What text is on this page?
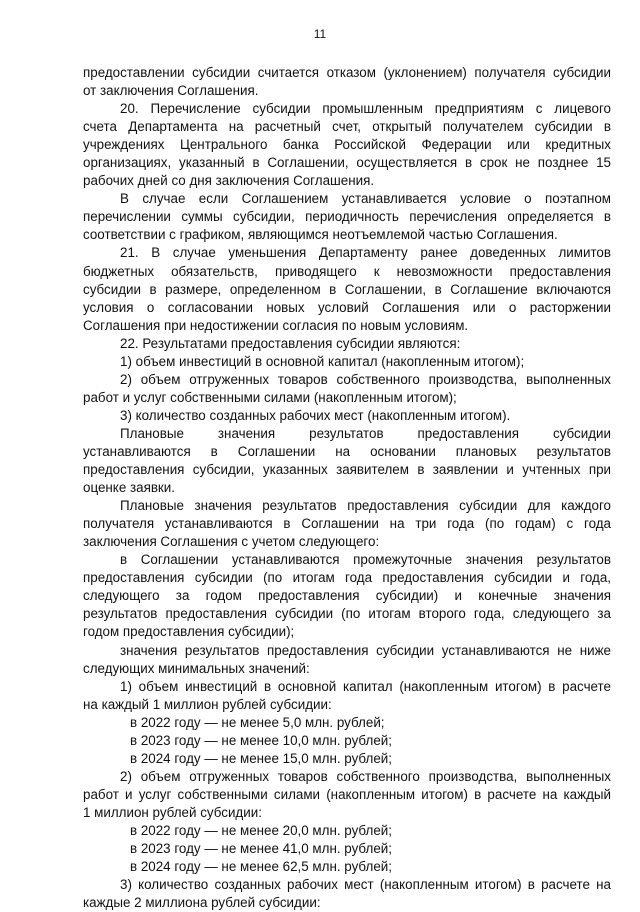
11
предоставлении субсидии считается отказом (уклонением) получателя субсидии
от заключения Соглашения.
20. Перечисление субсидии промышленным предприятиям с лицевого
счета Департамента на расчетный счет, открытый получателем субсидии в
учреждениях Центрального банка Российской Федерации или кредитных
организациях, указанный в Соглашении, осуществляется в срок не позднее 15
рабочих дней со дня заключения Соглашения.
В случае если Соглашением устанавливается условие о поэтапном
перечислении суммы субсидии, периодичность перечисления определяется в
соответствии с графиком, являющимся неотъемлемой частью Соглашения.
21. В случае уменьшения Департаменту ранее доведенных лимитов
бюджетных обязательств, приводящего к невозможности предоставления
субсидии в размере, определенном в Соглашении, в Соглашение включаются
условия о согласовании новых условий Соглашения или о расторжении
Соглашения при недостижении согласия по новым условиям.
22. Результатами предоставления субсидии являются:
1) объем инвестиций в основной капитал (накопленным итогом);
2) объем отгруженных товаров собственного производства, выполненных
работ и услуг собственными силами (накопленным итогом);
3) количество созданных рабочих мест (накопленным итогом).
Плановые значения результатов предоставления субсидии
устанавливаются в Соглашении на основании плановых результатов
предоставления субсидии, указанных заявителем в заявлении и учтенных при
оценке заявки.
Плановые значения результатов предоставления субсидии для каждого
получателя устанавливаются в Соглашении на три года (по годам) с года
заключения Соглашения с учетом следующего:
в Соглашении устанавливаются промежуточные значения результатов
предоставления субсидии (по итогам года предоставления субсидии и года,
следующего за годом предоставления субсидии) и конечные значения
результатов предоставления субсидии (по итогам второго года, следующего за
годом предоставления субсидии);
значения результатов предоставления субсидии устанавливаются не ниже
следующих минимальных значений:
1) объем инвестиций в основной капитал (накопленным итогом) в расчете
на каждый 1 миллион рублей субсидии:
в 2022 году — не менее 5,0 млн. рублей;
в 2023 году — не менее 10,0 млн. рублей;
в 2024 году — не менее 15,0 млн. рублей;
2) объем отгруженных товаров собственного производства, выполненных
работ и услуг собственными силами (накопленным итогом) в расчете на каждый
1 миллион рублей субсидии:
в 2022 году — не менее 20,0 млн. рублей;
в 2023 году — не менее 41,0 млн. рублей;
в 2024 году — не менее 62,5 млн. рублей;
3) количество созданных рабочих мест (накопленным итогом) в расчете на
каждые 2 миллиона рублей субсидии:
